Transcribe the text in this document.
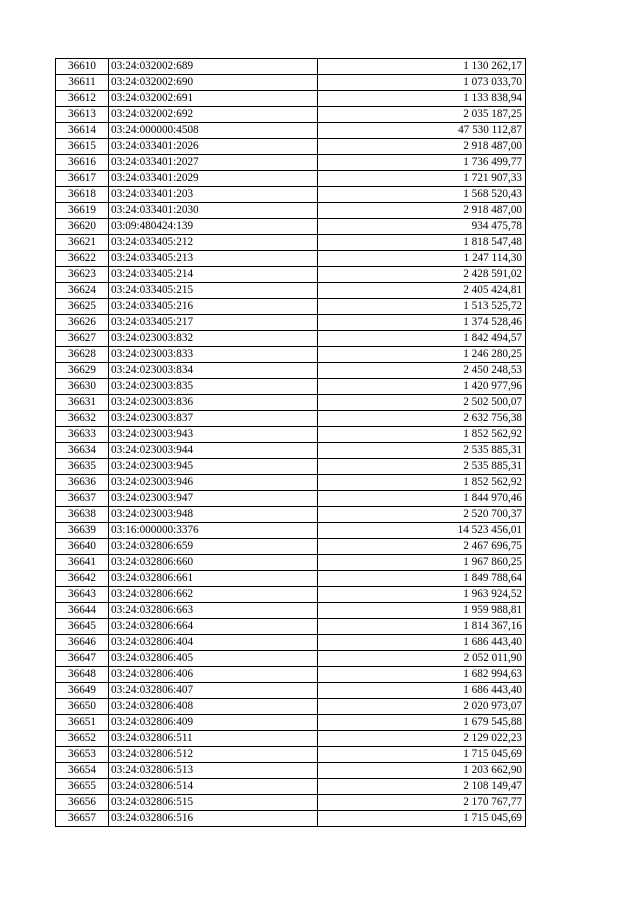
36610	03:24:032002:689	1 130 262,17
36611	03:24:032002:690	1 073 033,70
36612	03:24:032002:691	1 133 838,94
36613	03:24:032002:692	2 035 187,25
36614	03:24:000000:4508	47 530 112,87
36615	03:24:033401:2026	2 918 487,00
36616	03:24:033401:2027	1 736 499,77
36617	03:24:033401:2029	1 721 907,33
36618	03:24:033401:203	1 568 520,43
36619	03:24:033401:2030	2 918 487,00
36620	03:09:480424:139	934 475,78
36621	03:24:033405:212	1 818 547,48
36622	03:24:033405:213	1 247 114,30
36623	03:24:033405:214	2 428 591,02
36624	03:24:033405:215	2 405 424,81
36625	03:24:033405:216	1 513 525,72
36626	03:24:033405:217	1 374 528,46
36627	03:24:023003:832	1 842 494,57
36628	03:24:023003:833	1 246 280,25
36629	03:24:023003:834	2 450 248,53
36630	03:24:023003:835	1 420 977,96
36631	03:24:023003:836	2 502 500,07
36632	03:24:023003:837	2 632 756,38
36633	03:24:023003:943	1 852 562,92
36634	03:24:023003:944	2 535 885,31
36635	03:24:023003:945	2 535 885,31
36636	03:24:023003:946	1 852 562,92
36637	03:24:023003:947	1 844 970,46
36638	03:24:023003:948	2 520 700,37
36639	03:16:000000:3376	14 523 456,01
36640	03:24:032806:659	2 467 696,75
36641	03:24:032806:660	1 967 860,25
36642	03:24:032806:661	1 849 788,64
36643	03:24:032806:662	1 963 924,52
36644	03:24:032806:663	1 959 988,81
36645	03:24:032806:664	1 814 367,16
36646	03:24:032806:404	1 686 443,40
36647	03:24:032806:405	2 052 011,90
36648	03:24:032806:406	1 682 994,63
36649	03:24:032806:407	1 686 443,40
36650	03:24:032806:408	2 020 973,07
36651	03:24:032806:409	1 679 545,88
36652	03:24:032806:511	2 129 022,23
36653	03:24:032806:512	1 715 045,69
36654	03:24:032806:513	1 203 662,90
36655	03:24:032806:514	2 108 149,47
36656	03:24:032806:515	2 170 767,77
36657	03:24:032806:516	1 715 045,69
